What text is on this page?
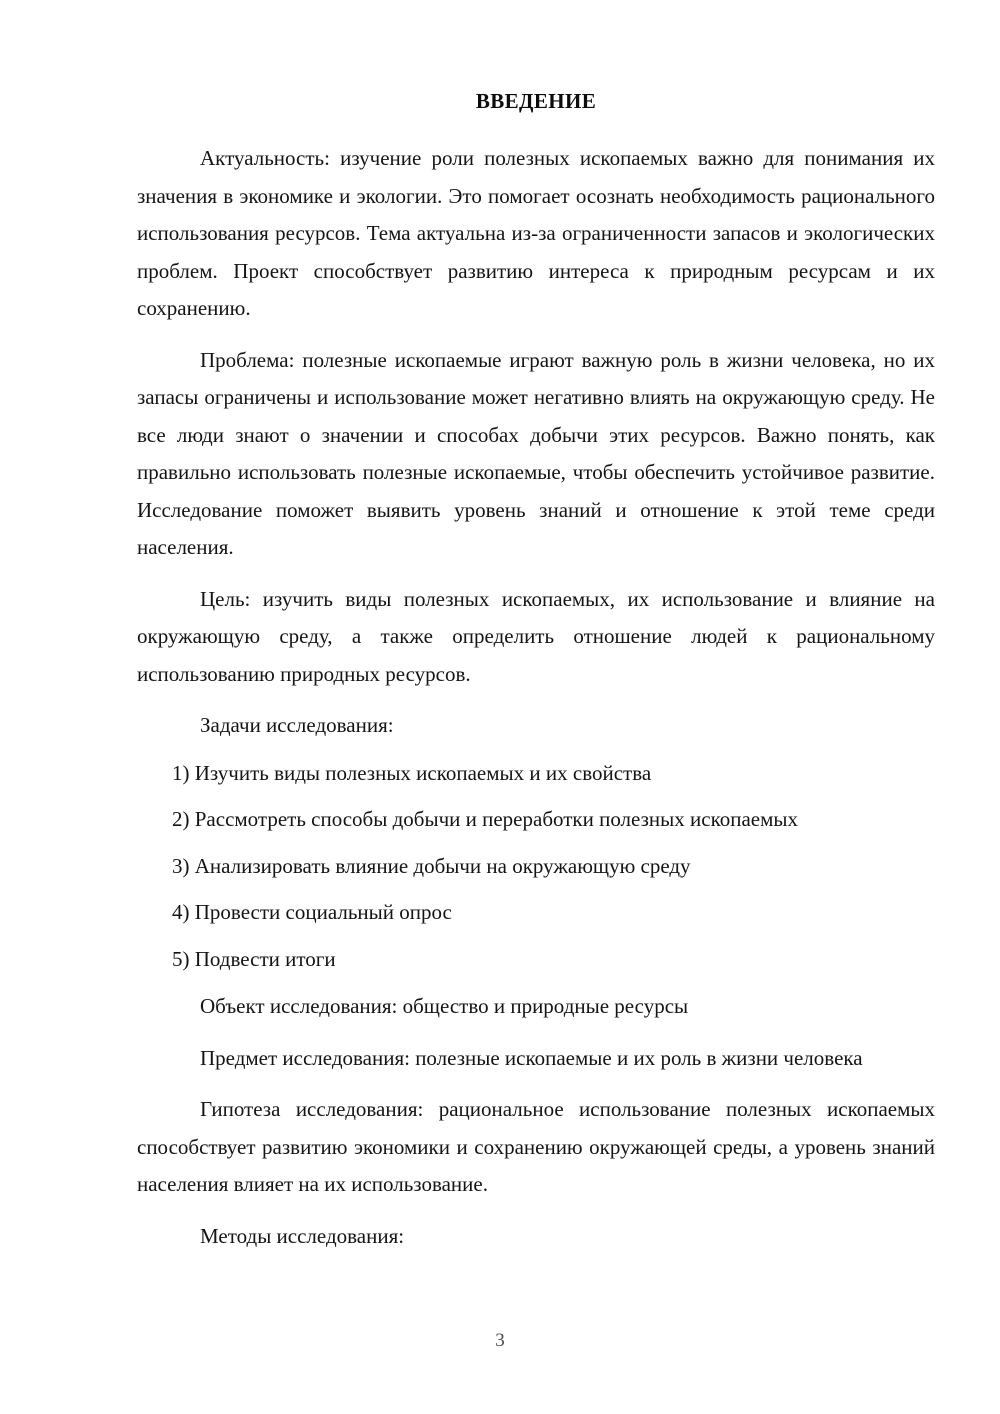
ВВЕДЕНИЕ

Актуальность: изучение роли полезных ископаемых важно для понимания их значения в экономике и экологии. Это помогает осознать необходимость рационального использования ресурсов. Тема актуальна из-за ограниченности запасов и экологических проблем. Проект способствует развитию интереса к природным ресурсам и их сохранению.

Проблема: полезные ископаемые играют важную роль в жизни человека, но их запасы ограничены и использование может негативно влиять на окружающую среду. Не все люди знают о значении и способах добычи этих ресурсов. Важно понять, как правильно использовать полезные ископаемые, чтобы обеспечить устойчивое развитие. Исследование поможет выявить уровень знаний и отношение к этой теме среди населения.

Цель: изучить виды полезных ископаемых, их использование и влияние на окружающую среду, а также определить отношение людей к рациональному использованию природных ресурсов.

Задачи исследования:

1) Изучить виды полезных ископаемых и их свойства
2) Рассмотреть способы добычи и переработки полезных ископаемых
3) Анализировать влияние добычи на окружающую среду
4) Провести социальный опрос
5) Подвести итоги

Объект исследования: общество и природные ресурсы

Предмет исследования: полезные ископаемые и их роль в жизни человека

Гипотеза исследования: рациональное использование полезных ископаемых способствует развитию экономики и сохранению окружающей среды, а уровень знаний населения влияет на их использование.

Методы исследования:

3
